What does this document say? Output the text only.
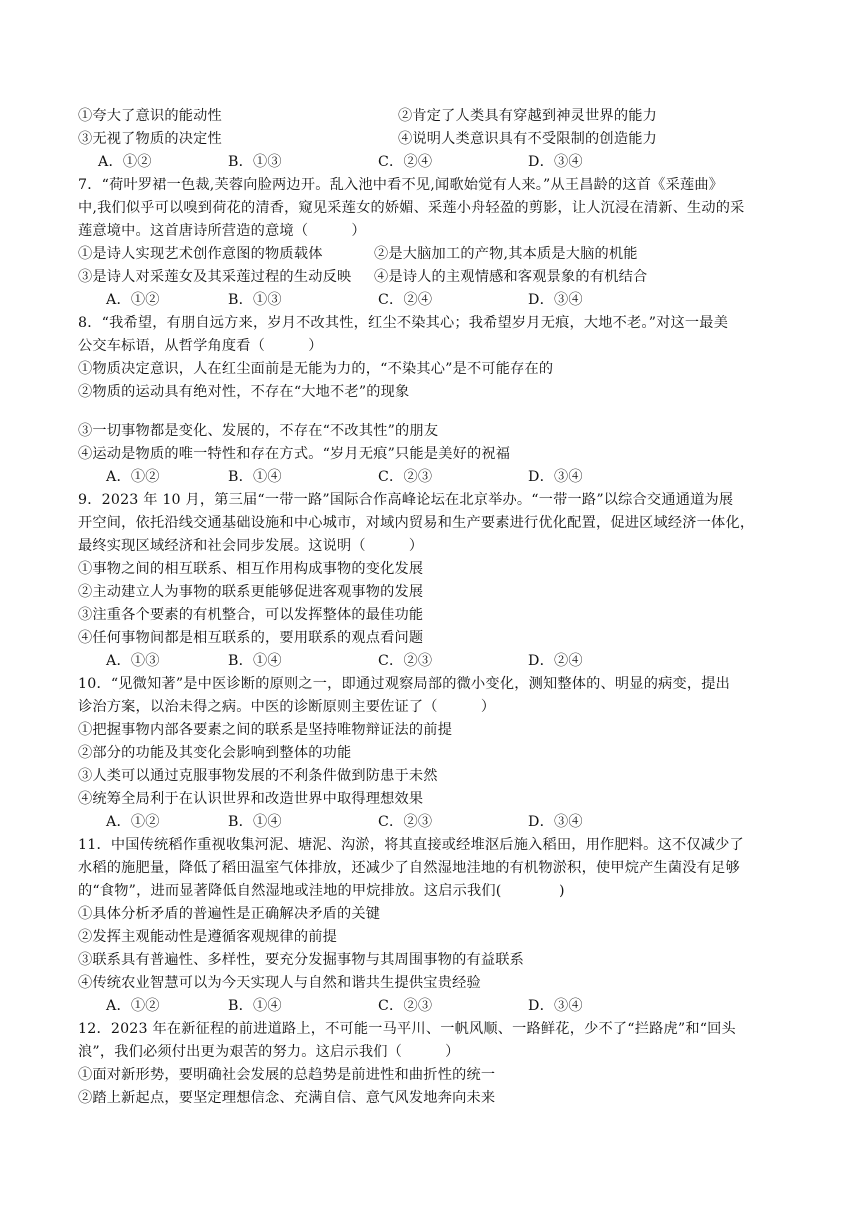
①夸大了意识的能动性	②肯定了人类具有穿越到神灵世界的能力
③无视了物质的决定性	④说明人类意识具有不受限制的创造能力
A．①②	B．①③	C．②④	D．③④
7．“荷叶罗裙一色裁,芙蓉向脸两边开。乱入池中看不见,闻歌始觉有人来。”从王昌龄的这首《采莲曲》
中,我们似乎可以嗅到荷花的清香，窥见采莲女的娇媚、采莲小舟轻盈的剪影，让人沉浸在清新、生动的采
莲意境中。这首唐诗所营造的意境（　　　）
①是诗人实现艺术创作意图的物质载体	②是大脑加工的产物,其本质是大脑的机能
③是诗人对采莲女及其采莲过程的生动反映 ④是诗人的主观情感和客观景象的有机结合
A．①②	B．①③	C．②④	D．③④
8．“我希望，有朋自远方来，岁月不改其性，红尘不染其心；我希望岁月无痕，大地不老。”对这一最美
公交车标语，从哲学角度看（　　　）
①物质决定意识，人在红尘面前是无能为力的，“不染其心”是不可能存在的
②物质的运动具有绝对性，不存在“大地不老”的现象
③一切事物都是变化、发展的，不存在“不改其性”的朋友
④运动是物质的唯一特性和存在方式。“岁月无痕”只能是美好的祝福
A．①②	B．①④	C．②③	D．③④
9．2023 年 10 月，第三届“一带一路”国际合作高峰论坛在北京举办。“一带一路”以综合交通通道为展
开空间，依托沿线交通基础设施和中心城市，对域内贸易和生产要素进行优化配置，促进区域经济一体化，
最终实现区域经济和社会同步发展。这说明（　　　）
①事物之间的相互联系、相互作用构成事物的变化发展
②主动建立人为事物的联系更能够促进客观事物的发展
③注重各个要素的有机整合，可以发挥整体的最佳功能
④任何事物间都是相互联系的，要用联系的观点看问题
A．①③	B．①④	C．②③	D．②④
10．“见微知著”是中医诊断的原则之一，即通过观察局部的微小变化，测知整体的、明显的病变，提出
诊治方案，以治未得之病。中医的诊断原则主要佐证了（　　　）
①把握事物内部各要素之间的联系是坚持唯物辩证法的前提
②部分的功能及其变化会影响到整体的功能
③人类可以通过克服事物发展的不利条件做到防患于未然
④统筹全局利于在认识世界和改造世界中取得理想效果
A．①②	B．①④	C．②③	D．③④
11．中国传统稻作重视收集河泥、塘泥、沟淤，将其直接或经堆沤后施入稻田，用作肥料。这不仅减少了
水稻的施肥量，降低了稻田温室气体排放，还减少了自然湿地洼地的有机物淤积，使甲烷产生菌没有足够
的“食物”，进而显著降低自然湿地或洼地的甲烷排放。这启示我们(　　　　)
①具体分析矛盾的普遍性是正确解决矛盾的关键
②发挥主观能动性是遵循客观规律的前提
③联系具有普遍性、多样性，要充分发掘事物与其周围事物的有益联系
④传统农业智慧可以为今天实现人与自然和谐共生提供宝贵经验
A．①②	B．①④	C．②③	D．③④
12．2023 年在新征程的前进道路上，不可能一马平川、一帆风顺、一路鲜花，少不了“拦路虎”和“回头
浪”，我们必须付出更为艰苦的努力。这启示我们（　　　）
①面对新形势，要明确社会发展的总趋势是前进性和曲折性的统一
②踏上新起点，要坚定理想信念、充满自信、意气风发地奔向未来
